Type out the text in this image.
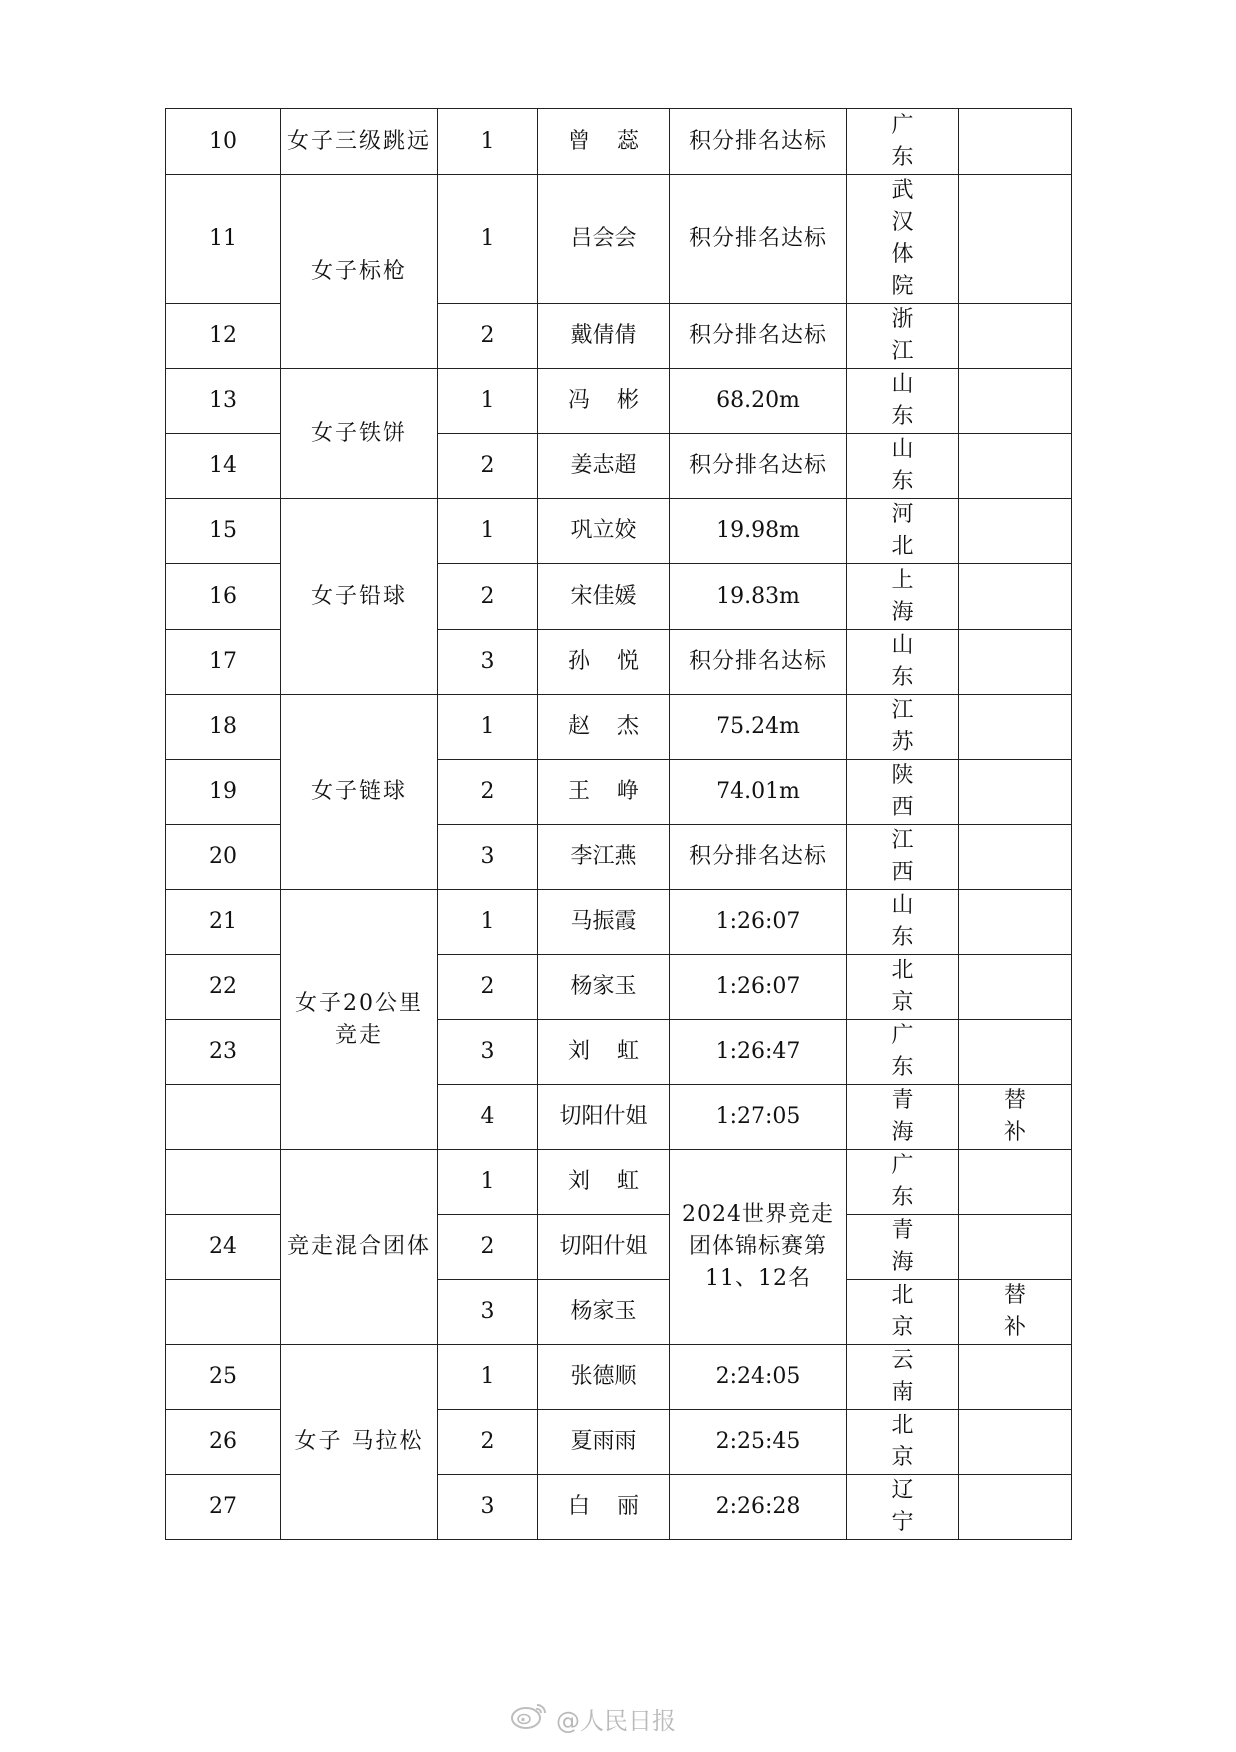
10	女子三级跳远	1	曾 蕊	积分排名达标	广 东	
11	女子标枪	1	吕会会	积分排名达标	武 汉 体 院	
12		2	戴倩倩	积分排名达标	浙 江	
13	女子铁饼	1	冯 彬	68.20m	山 东	
14		2	姜志超	积分排名达标	山 东	
15	女子铅球	1	巩立姣	19.98m	河 北	
16		2	宋佳媛	19.83m	上 海	
17		3	孙 悦	积分排名达标	山 东	
18	女子链球	1	赵 杰	75.24m	江 苏	
19		2	王 峥	74.01m	陕 西	
20		3	李江燕	积分排名达标	江 西	
21	女子20公里竞走	1	马振霞	1:26:07	山 东	
22		2	杨家玉	1:26:07	北 京	
23		3	刘 虹	1:26:47	广 东	
		4	切阳什姐	1:27:05	青 海	替 补
	竞走混合团体	1	刘 虹	2024世界竞走团体锦标赛第11、12名	广 东	
24		2	切阳什姐		青 海	
		3	杨家玉		北 京	替 补
25	女子 马拉松	1	张德顺	2:24:05	云 南	
26		2	夏雨雨	2:25:45	北 京	
27		3	白 丽	2:26:28	辽 宁	
@人民日报
